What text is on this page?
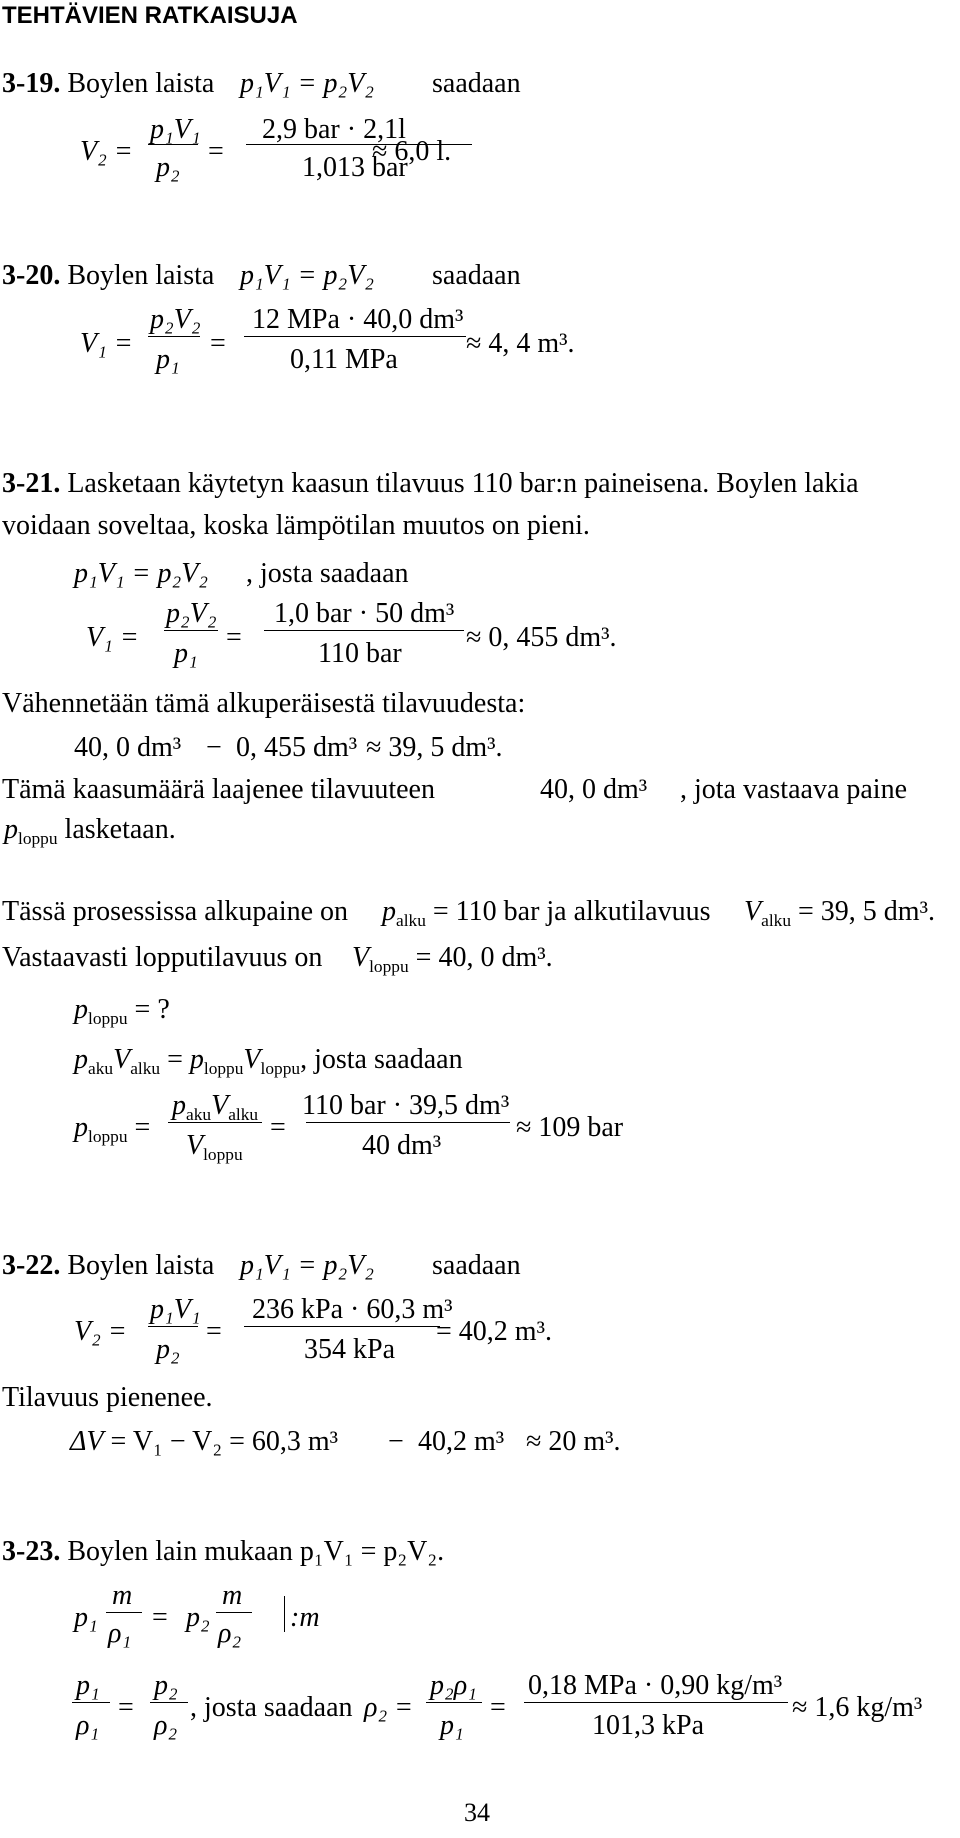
TEHTÄVIEN RATKAISUJA
3-19. Boylen laista p₁V₁ = p₂V₂ saadaan
V₂ =
p₁V₁
p₂
=
2,9 bar · 2,1l
1,013 bar
≈ 6,0 l.
3-20. Boylen laista p₁V₁ = p₂V₂ saadaan
V₁ =
p₂V₂
p₁
=
12 MPa · 40,0 dm³
0,11 MPa
≈ 4, 4 m³.
3-21. Lasketaan käytetyn kaasun tilavuus 110 bar:n paineisena. Boylen lakia
voidaan soveltaa, koska lämpötilan muutos on pieni.
p₁V₁ = p₂V₂ , josta saadaan
V₁ =
p₂V₂
p₁
=
1,0 bar · 50 dm³
110 bar
≈ 0, 455 dm³.
Vähennetään tämä alkuperäisestä tilavuudesta:
40, 0 dm³ − 0, 455 dm³ ≈ 39, 5 dm³.
Tämä kaasumäärä laajenee tilavuuteen	40, 0 dm³ , jota vastaava paine
$p_{loppu}$ lasketaan.
Tässä prosessissa alkupaine on $p_{alku} = 110$ bar ja alkutilavuus $V_{alku} = 39$, 5 dm³.
Vastaavasti lopputilavuus on $V_{loppu} = 40$, 0 dm³.
$p_{loppu}$ = ?
$p_{aku}V_{alku} = p_{loppu}V_{loppu}$, josta saadaan
$p_{loppu}$ =
$p_{aku}V_{alku}$
$V_{loppu}$
=
110 bar · 39,5 dm³
40 dm³
≈ 109 bar
3-22. Boylen laista p₁V₁ = p₂V₂ saadaan
V₂ =
p₁V₁
p₂
=
236 kPa · 60,3 m³
354 kPa
= 40,2 m³.
Tilavuus pienenee.
ΔV = V₁ − V₂ = 60,3 m³ − 40,2 m³ ≈ 20 m³.
3-23. Boylen lain mukaan p₁V₁ = p₂V₂.
p₁
m
ρ₁
= p₂
m
ρ₂
:m
p₁
ρ₁
=
p₂
ρ₂
, josta saadaan ρ₂ =
p₂ρ₁
p₁
=
0,18 MPa · 0,90 kg/m³
101,3 kPa
≈ 1,6 kg/m³
34
